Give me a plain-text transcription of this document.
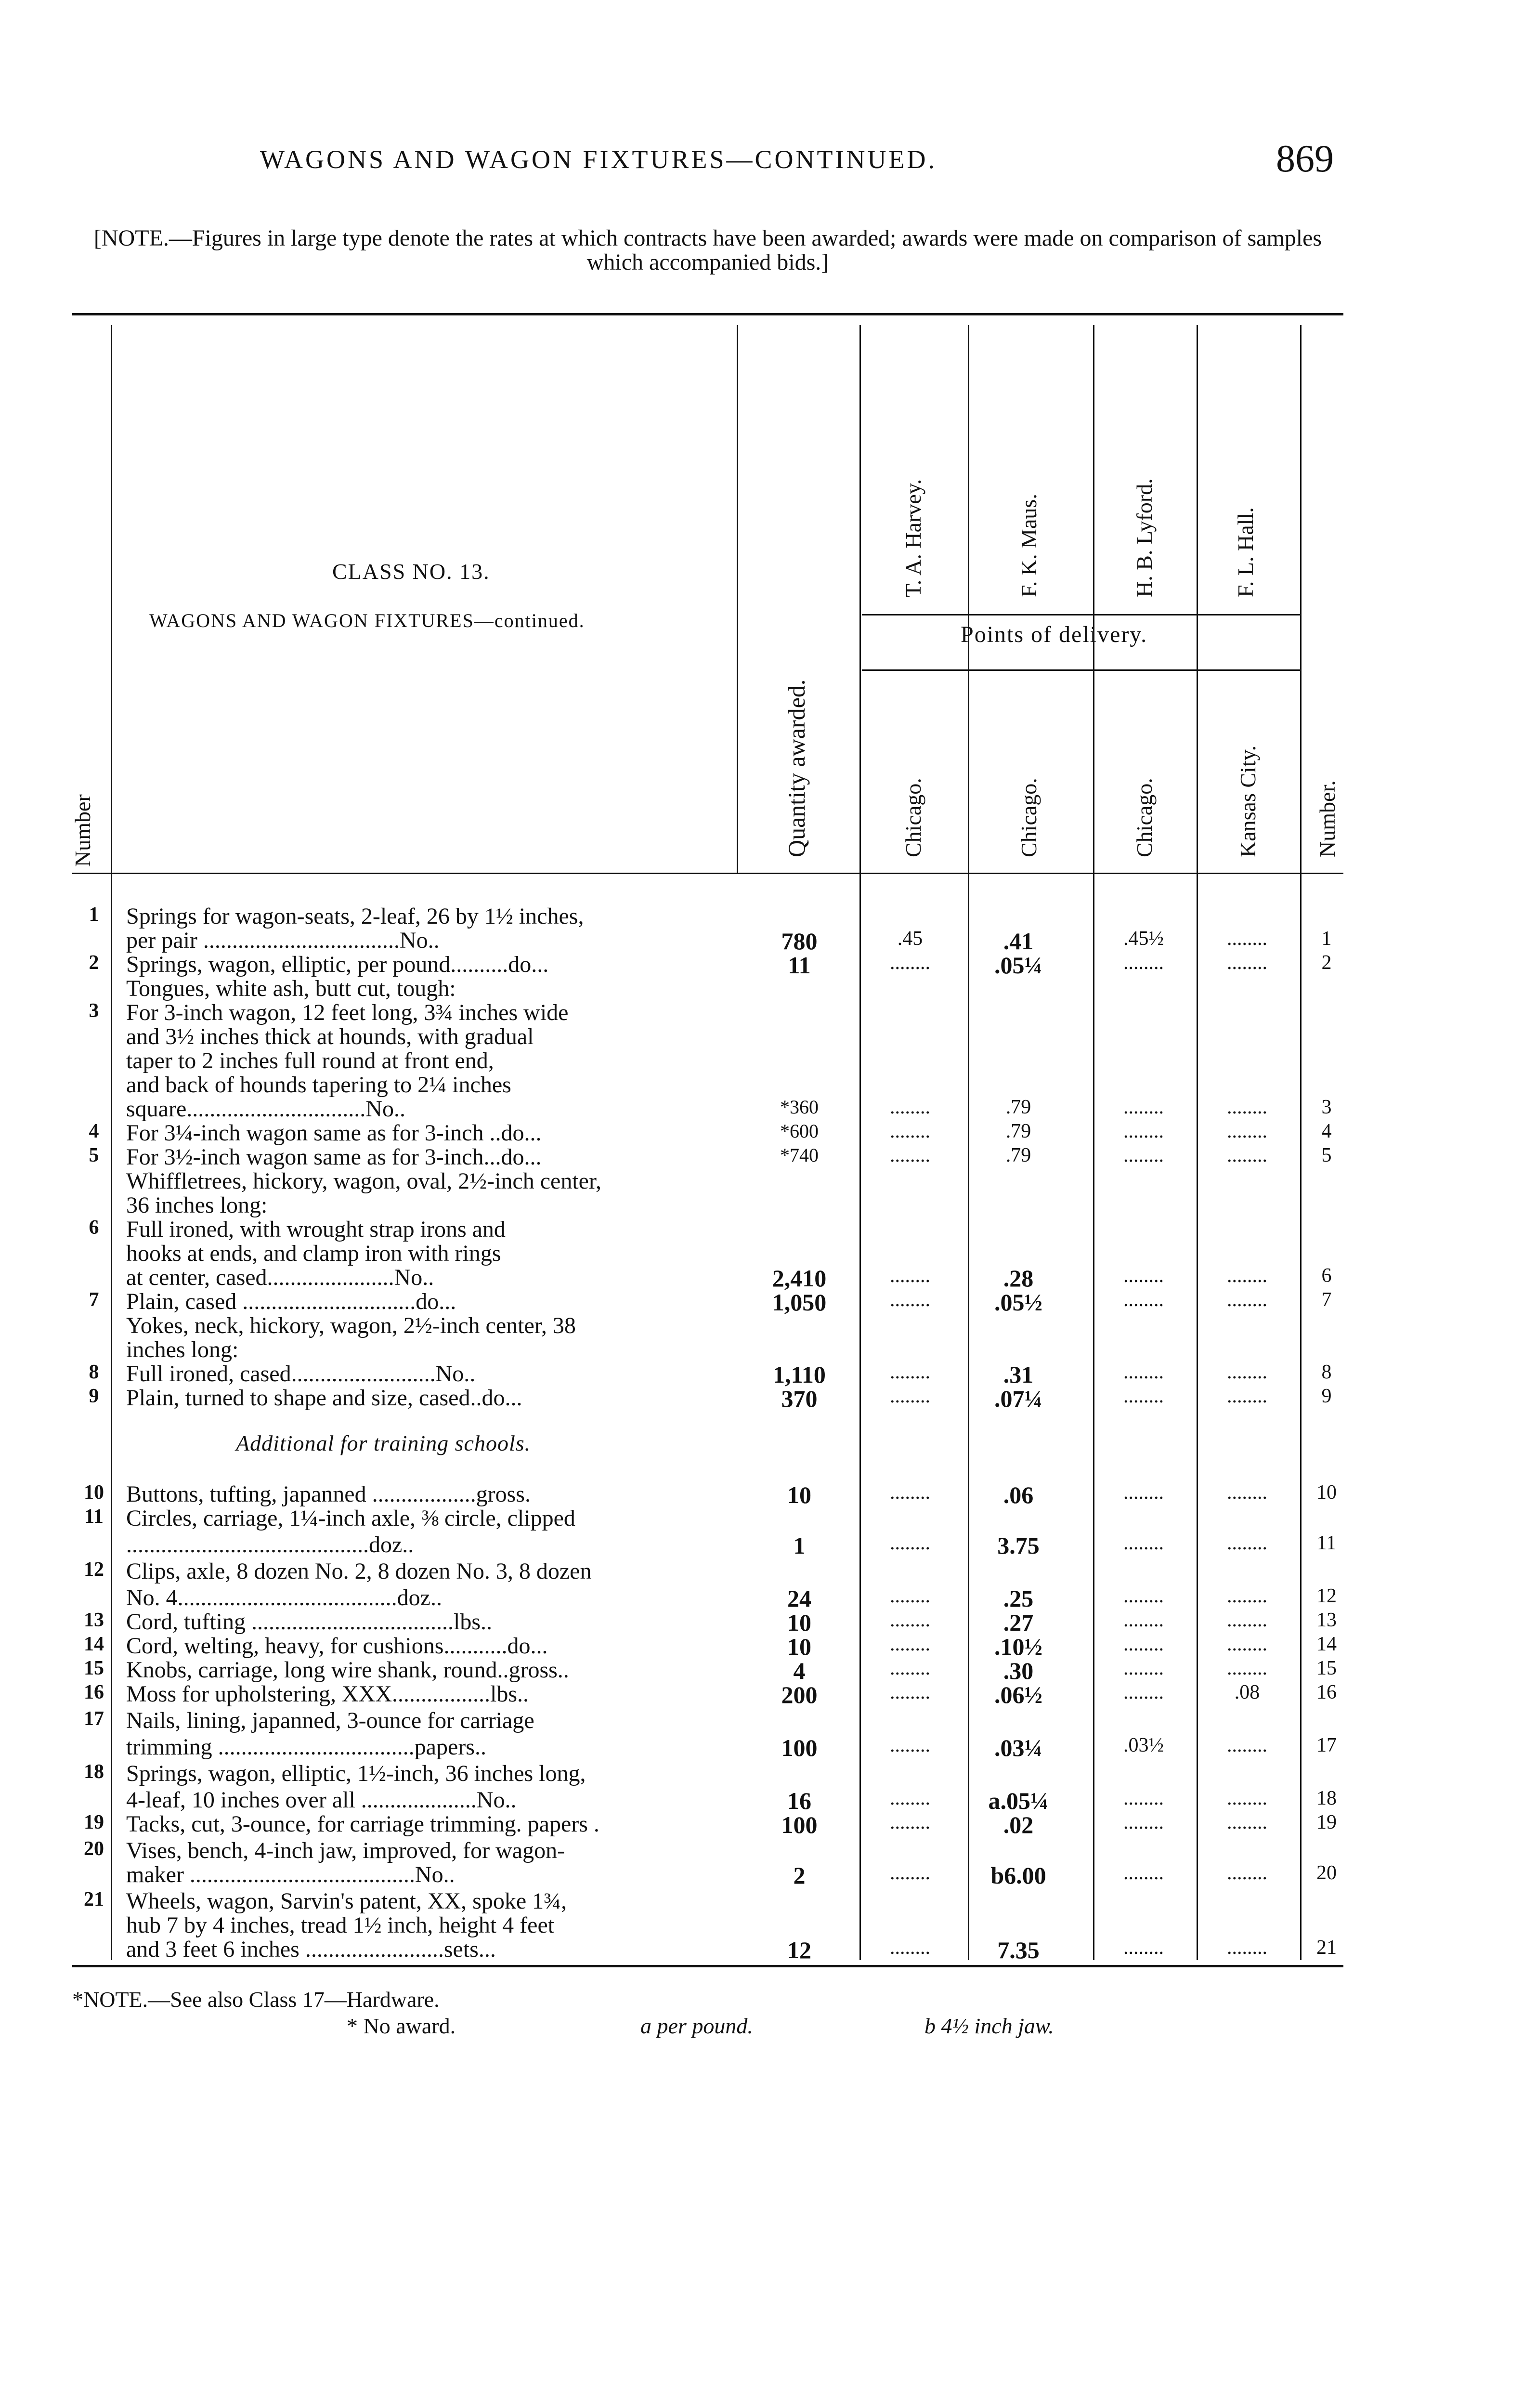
WAGONS AND WAGON FIXTURES—CONTINUED.	869
[NOTE.—Figures in large type denote the rates at which contracts have been awarded; awards were made on comparison of samples which accompanied bids.]
Number
CLASS NO. 13.
WAGONS AND WAGON FIXTURES—continued.
Quantity awarded.
T. A. Harvey.	F. K. Maus.	H. B. Lyford.	F. L. Hall.
Points of delivery.
Chicago.	Chicago.	Chicago.	Kansas City. Number.
1	Springs for wagon-seats, 2-leaf, 26 by 1½ inches,
per pair ..................................No..	780	.45	.41	.45½	........	1
2	Springs, wagon, elliptic, per pound..........do...	11	........	.05¼	........	........	2
Tongues, white ash, butt cut, tough:
3	For 3-inch wagon, 12 feet long, 3¾ inches wide
and 3½ inches thick at hounds, with gradual
taper to 2 inches full round at front end,
and back of hounds tapering to 2¼ inches
square...............................No..	*360	........	.79	........	........	3
4	For 3¼-inch wagon same as for 3-inch ..do...	*600	........	.79	........	........	4
5	For 3½-inch wagon same as for 3-inch...do...	*740	........	.79	........	........	5
Whiffletrees, hickory, wagon, oval, 2½-inch center,
36 inches long:
6	Full ironed, with wrought strap irons and
hooks at ends, and clamp iron with rings
at center, cased......................No..	2,410	........	.28	........	........	6
7	Plain, cased ..............................do...	1,050	........	.05½	........	........	7
Yokes, neck, hickory, wagon, 2½-inch center, 38
inches long:
8	Full ironed, cased.........................No..	1,110	........	.31	........	........	8
9	Plain, turned to shape and size, cased..do...	370	........	.07¼	........	........	9
10 Buttons, tufting, japanned ..................gross.	10	........	.06	........	........	10
11 Circles, carriage, 1¼-inch axle, ⅜ circle, clipped
..........................................doz..	1	........	3.75	........	........	11
12 Clips, axle, 8 dozen No. 2, 8 dozen No. 3, 8 dozen
No. 4......................................doz..	24	........	.25	........	........	12
13 Cord, tufting ...................................lbs..	10	........	.27	........	........	13
14 Cord, welting, heavy, for cushions...........do...	10	........	.10½	........	........	14
15 Knobs, carriage, long wire shank, round..gross..	4	........	.30	........	........	15
16 Moss for upholstering, XXX.................lbs..	200	........	.06½	........	.08	16
17 Nails, lining, japanned, 3-ounce for carriage
trimming ..................................papers..	100	........	.03¼	.03½	........	17
18 Springs, wagon, elliptic, 1½-inch, 36 inches long,
4-leaf, 10 inches over all ....................No..	16	........	a.05¼	........	........	18
19 Tacks, cut, 3-ounce, for carriage trimming. papers .	100	........	.02	........	........	19
20 Vises, bench, 4-inch jaw, improved, for wagon-
maker .......................................No..	2	........	b6.00	........	........	20
21 Wheels, wagon, Sarvin's patent, XX, spoke 1¾,
hub 7 by 4 inches, tread 1½ inch, height 4 feet
and 3 feet 6 inches ........................sets...	12	........	7.35	........	........	21
Additional for training schools.
*NOTE.—See also Class 17—Hardware.
* No award.	a per pound.	b 4½ inch jaw.
